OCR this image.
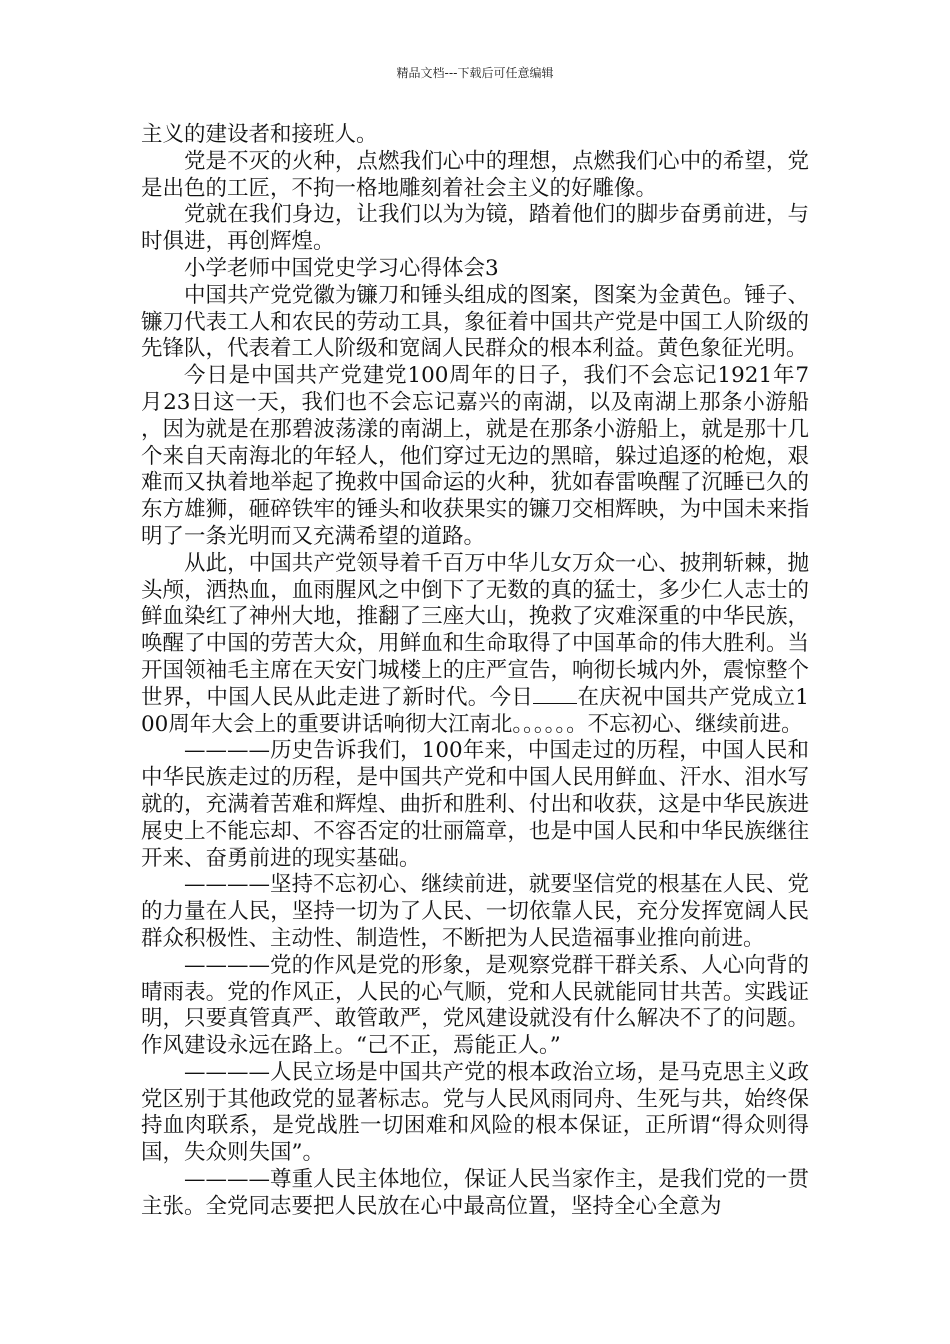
精品文档---下载后可任意编辑

主义的建设者和接班人。

党是不灭的火种，点燃我们心中的理想，点燃我们心中的希望，党是出色的工匠，不拘一格地雕刻着社会主义的好雕像。

党就在我们身边，让我们以为为镜，踏着他们的脚步奋勇前进，与时俱进，再创辉煌。

小学老师中国党史学习心得体会3

中国共产党党徽为镰刀和锤头组成的图案，图案为金黄色。锤子、镰刀代表工人和农民的劳动工具，象征着中国共产党是中国工人阶级的先锋队，代表着工人阶级和宽阔人民群众的根本利益。黄色象征光明。

今日是中国共产党建党100周年的日子，我们不会忘记1921年7月23日这一天，我们也不会忘记嘉兴的南湖，以及南湖上那条小游船，因为就是在那碧波荡漾的南湖上，就是在那条小游船上，就是那十几个来自天南海北的年轻人，他们穿过无边的黑暗，躲过追逐的枪炮，艰难而又执着地举起了挽救中国命运的火种，犹如春雷唤醒了沉睡已久的东方雄狮，砸碎铁牢的锤头和收获果实的镰刀交相辉映，为中国未来指明了一条光明而又充满希望的道路。

从此，中国共产党领导着千百万中华儿女万众一心、披荆斩棘，抛头颅，洒热血，血雨腥风之中倒下了无数的真的猛士，多少仁人志士的鲜血染红了神州大地，推翻了三座大山，挽救了灾难深重的中华民族，唤醒了中国的劳苦大众，用鲜血和生命取得了中国革命的伟大胜利。当开国领袖毛主席在天安门城楼上的庄严宣告，响彻长城内外，震惊整个世界，中国人民从此走进了新时代。今日 在庆祝中国共产党成立100周年大会上的重要讲话响彻大江南北。。。。。。不忘初心、继续前进。

————历史告诉我们，100年来，中国走过的历程，中国人民和中华民族走过的历程，是中国共产党和中国人民用鲜血、汗水、泪水写就的，充满着苦难和辉煌、曲折和胜利、付出和收获，这是中华民族进展史上不能忘却、不容否定的壮丽篇章，也是中国人民和中华民族继往开来、奋勇前进的现实基础。

————坚持不忘初心、继续前进，就要坚信党的根基在人民、党的力量在人民，坚持一切为了人民、一切依靠人民，充分发挥宽阔人民群众积极性、主动性、制造性，不断把为人民造福事业推向前进。

————党的作风是党的形象，是观察党群干群关系、人心向背的晴雨表。党的作风正，人民的心气顺，党和人民就能同甘共苦。实践证明，只要真管真严、敢管敢严，党风建设就没有什么解决不了的问题。作风建设永远在路上。“己不正，焉能正人。”

————人民立场是中国共产党的根本政治立场，是马克思主义政党区别于其他政党的显著标志。党与人民风雨同舟、生死与共，始终保持血肉联系，是党战胜一切困难和风险的根本保证，正所谓“得众则得国，失众则失国”。

————尊重人民主体地位，保证人民当家作主，是我们党的一贯主张。全党同志要把人民放在心中最高位置，坚持全心全意为
